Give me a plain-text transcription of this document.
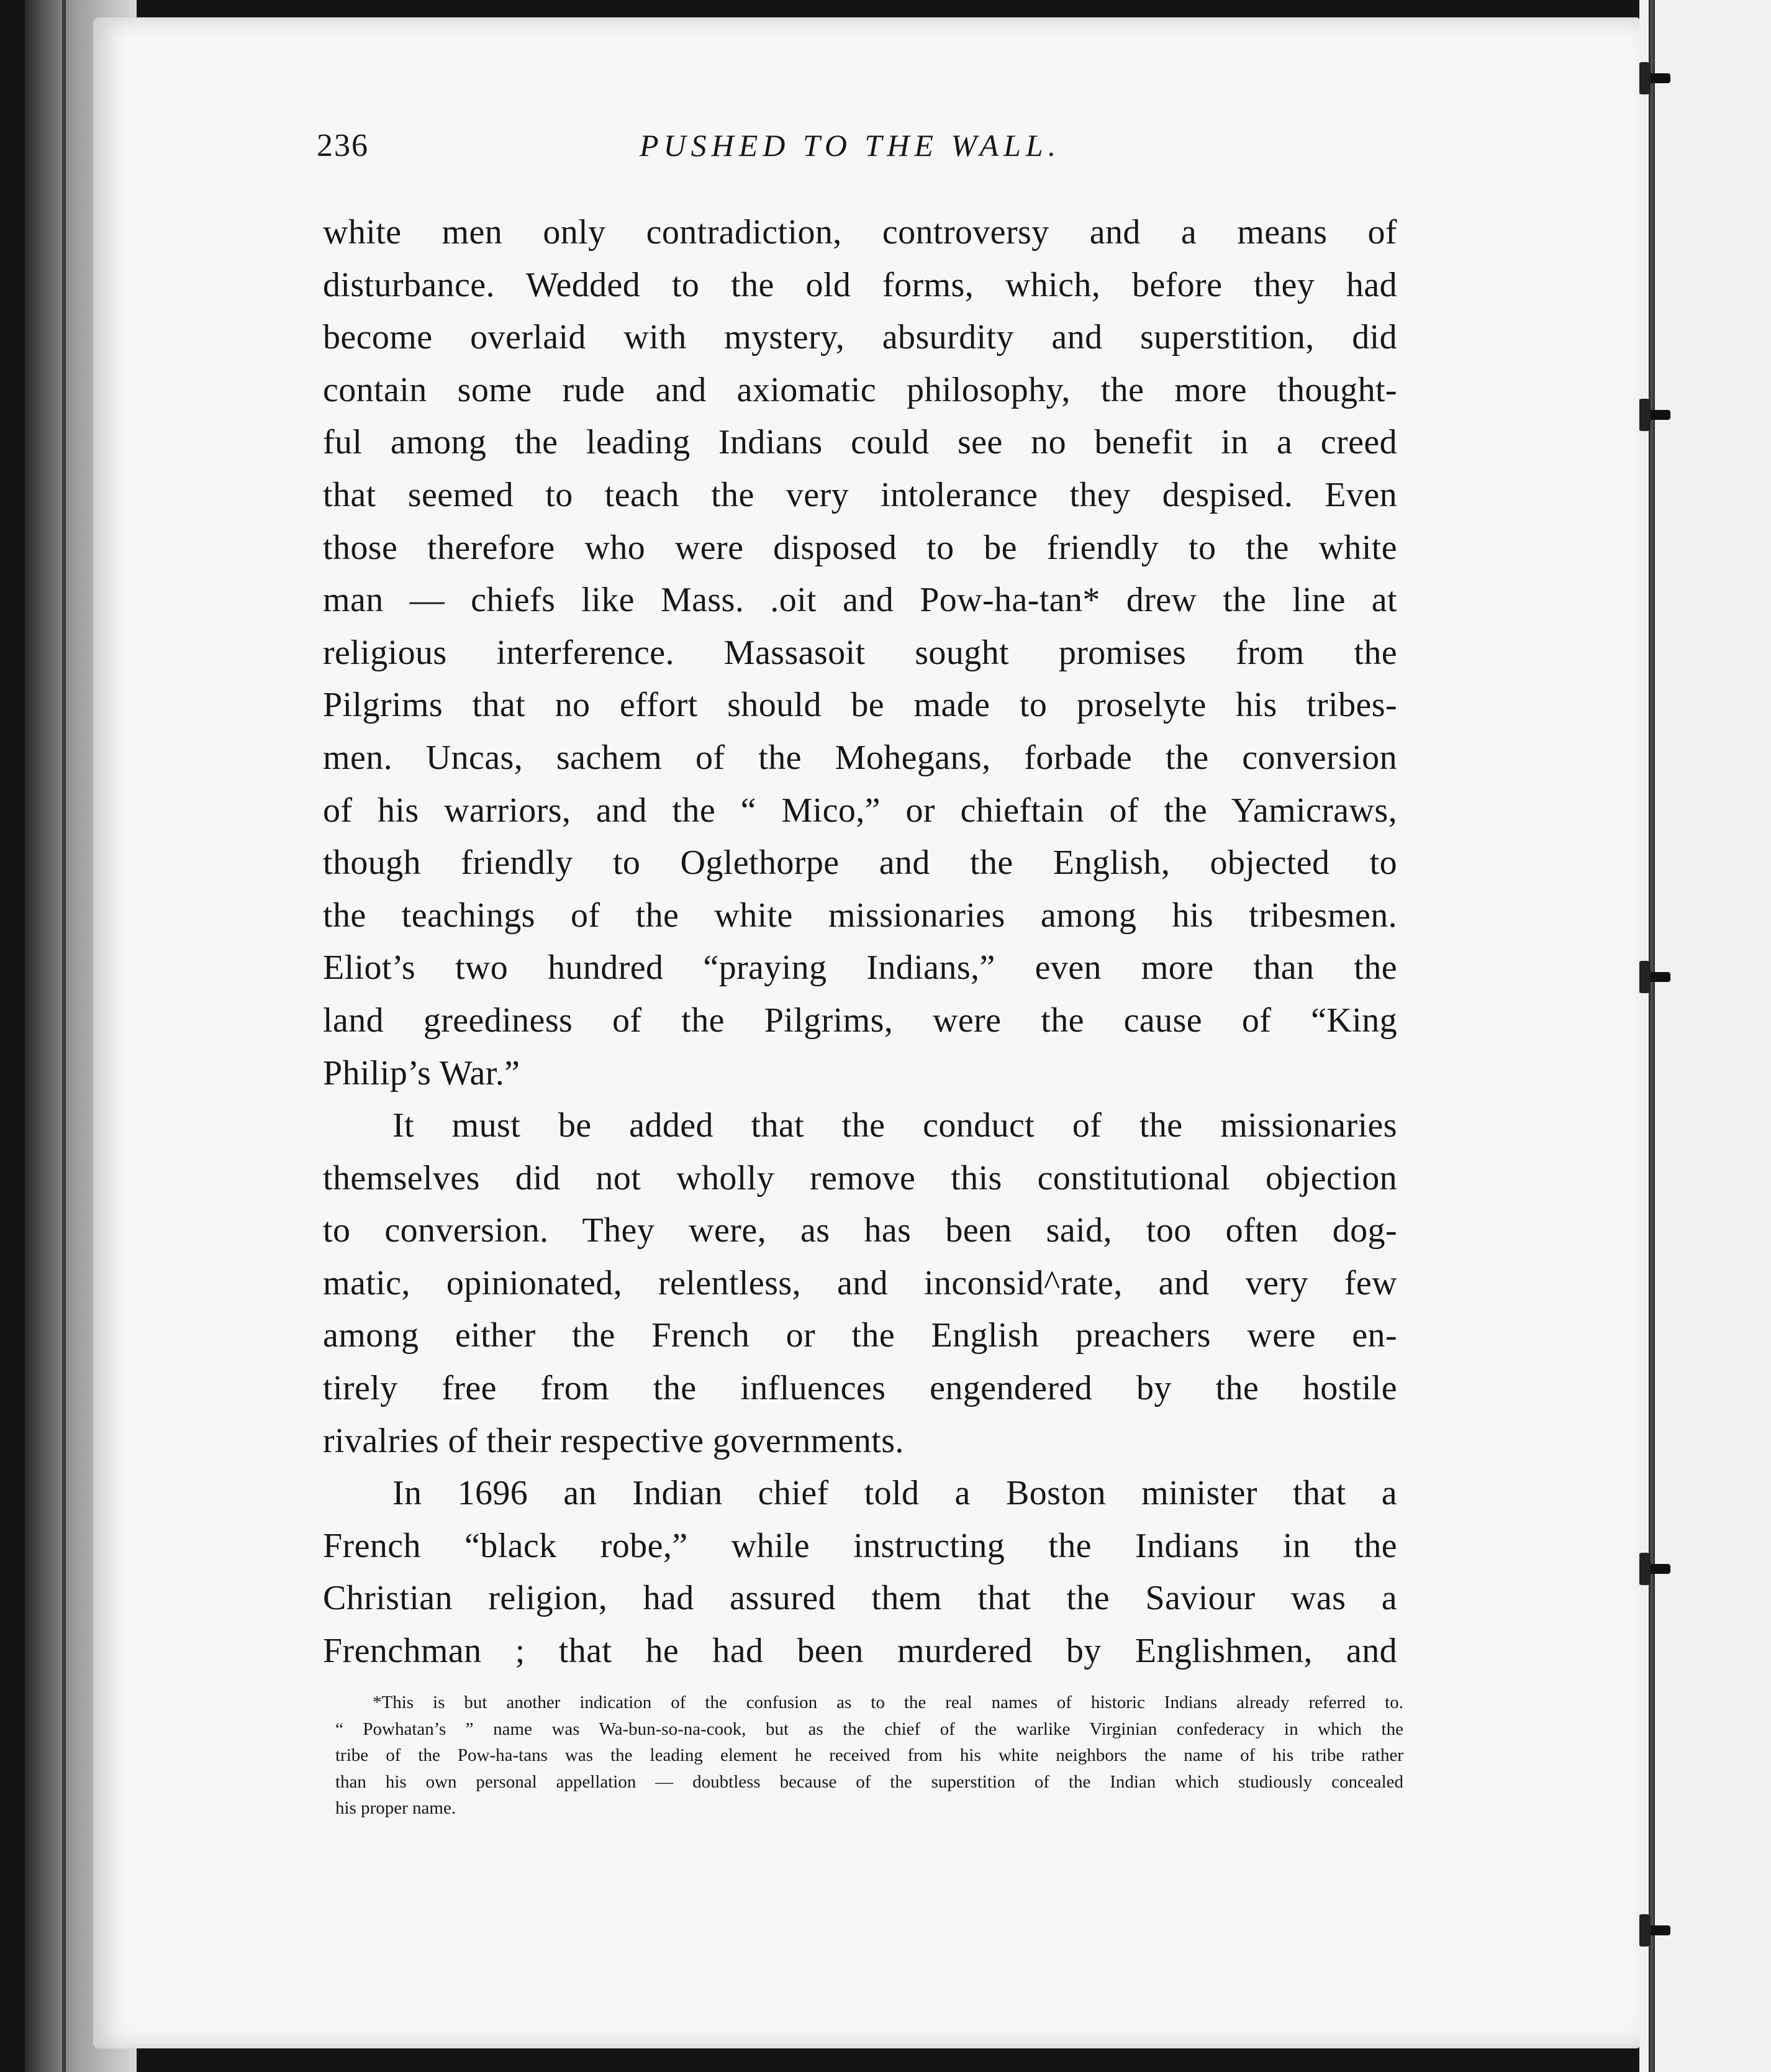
236	PUSHED TO THE WALL.
white men only contradiction, controversy and a means of
disturbance. Wedded to the old forms, which, before they had
become overlaid with mystery, absurdity and superstition, did
contain some rude and axiomatic philosophy, the more thought-
ful among the leading Indians could see no benefit in a creed
that seemed to teach the very intolerance they despised. Even
those therefore who were disposed to be friendly to the white
man — chiefs like Mass. .oit and Pow-ha-tan* drew the line at
religious interference. Massasoit sought promises from the
Pilgrims that no effort should be made to proselyte his tribes-
men. Uncas, sachem of the Mohegans, forbade the conversion
of his warriors, and the “ Mico,” or chieftain of the Yamicraws,
though friendly to Oglethorpe and the English, objected to
the teachings of the white missionaries among his tribesmen.
Eliot’s two hundred “praying Indians,” even more than the
land greediness of the Pilgrims, were the cause of “King
Philip’s War.”
It must be added that the conduct of the missionaries
themselves did not wholly remove this constitutional objection
to conversion. They were, as has been said, too often dog-
matic, opinionated, relentless, and inconsid^rate, and very few
among either the French or the English preachers were en-
tirely free from the influences engendered by the hostile
rivalries of their respective governments.
In 1696 an Indian chief told a Boston minister that a
French “black robe,” while instructing the Indians in the
Christian religion, had assured them that the Saviour was a
Frenchman ; that he had been murdered by Englishmen, and
*This is but another indication of the confusion as to the real names of historic Indians already referred to.
“ Powhatan’s ” name was Wa-bun-so-na-cook, but as the chief of the warlike Virginian confederacy in which the
tribe of the Pow-ha-tans was the leading element he received from his white neighbors the name of his tribe rather
than his own personal appellation — doubtless because of the superstition of the Indian which studiously concealed
his proper name.
